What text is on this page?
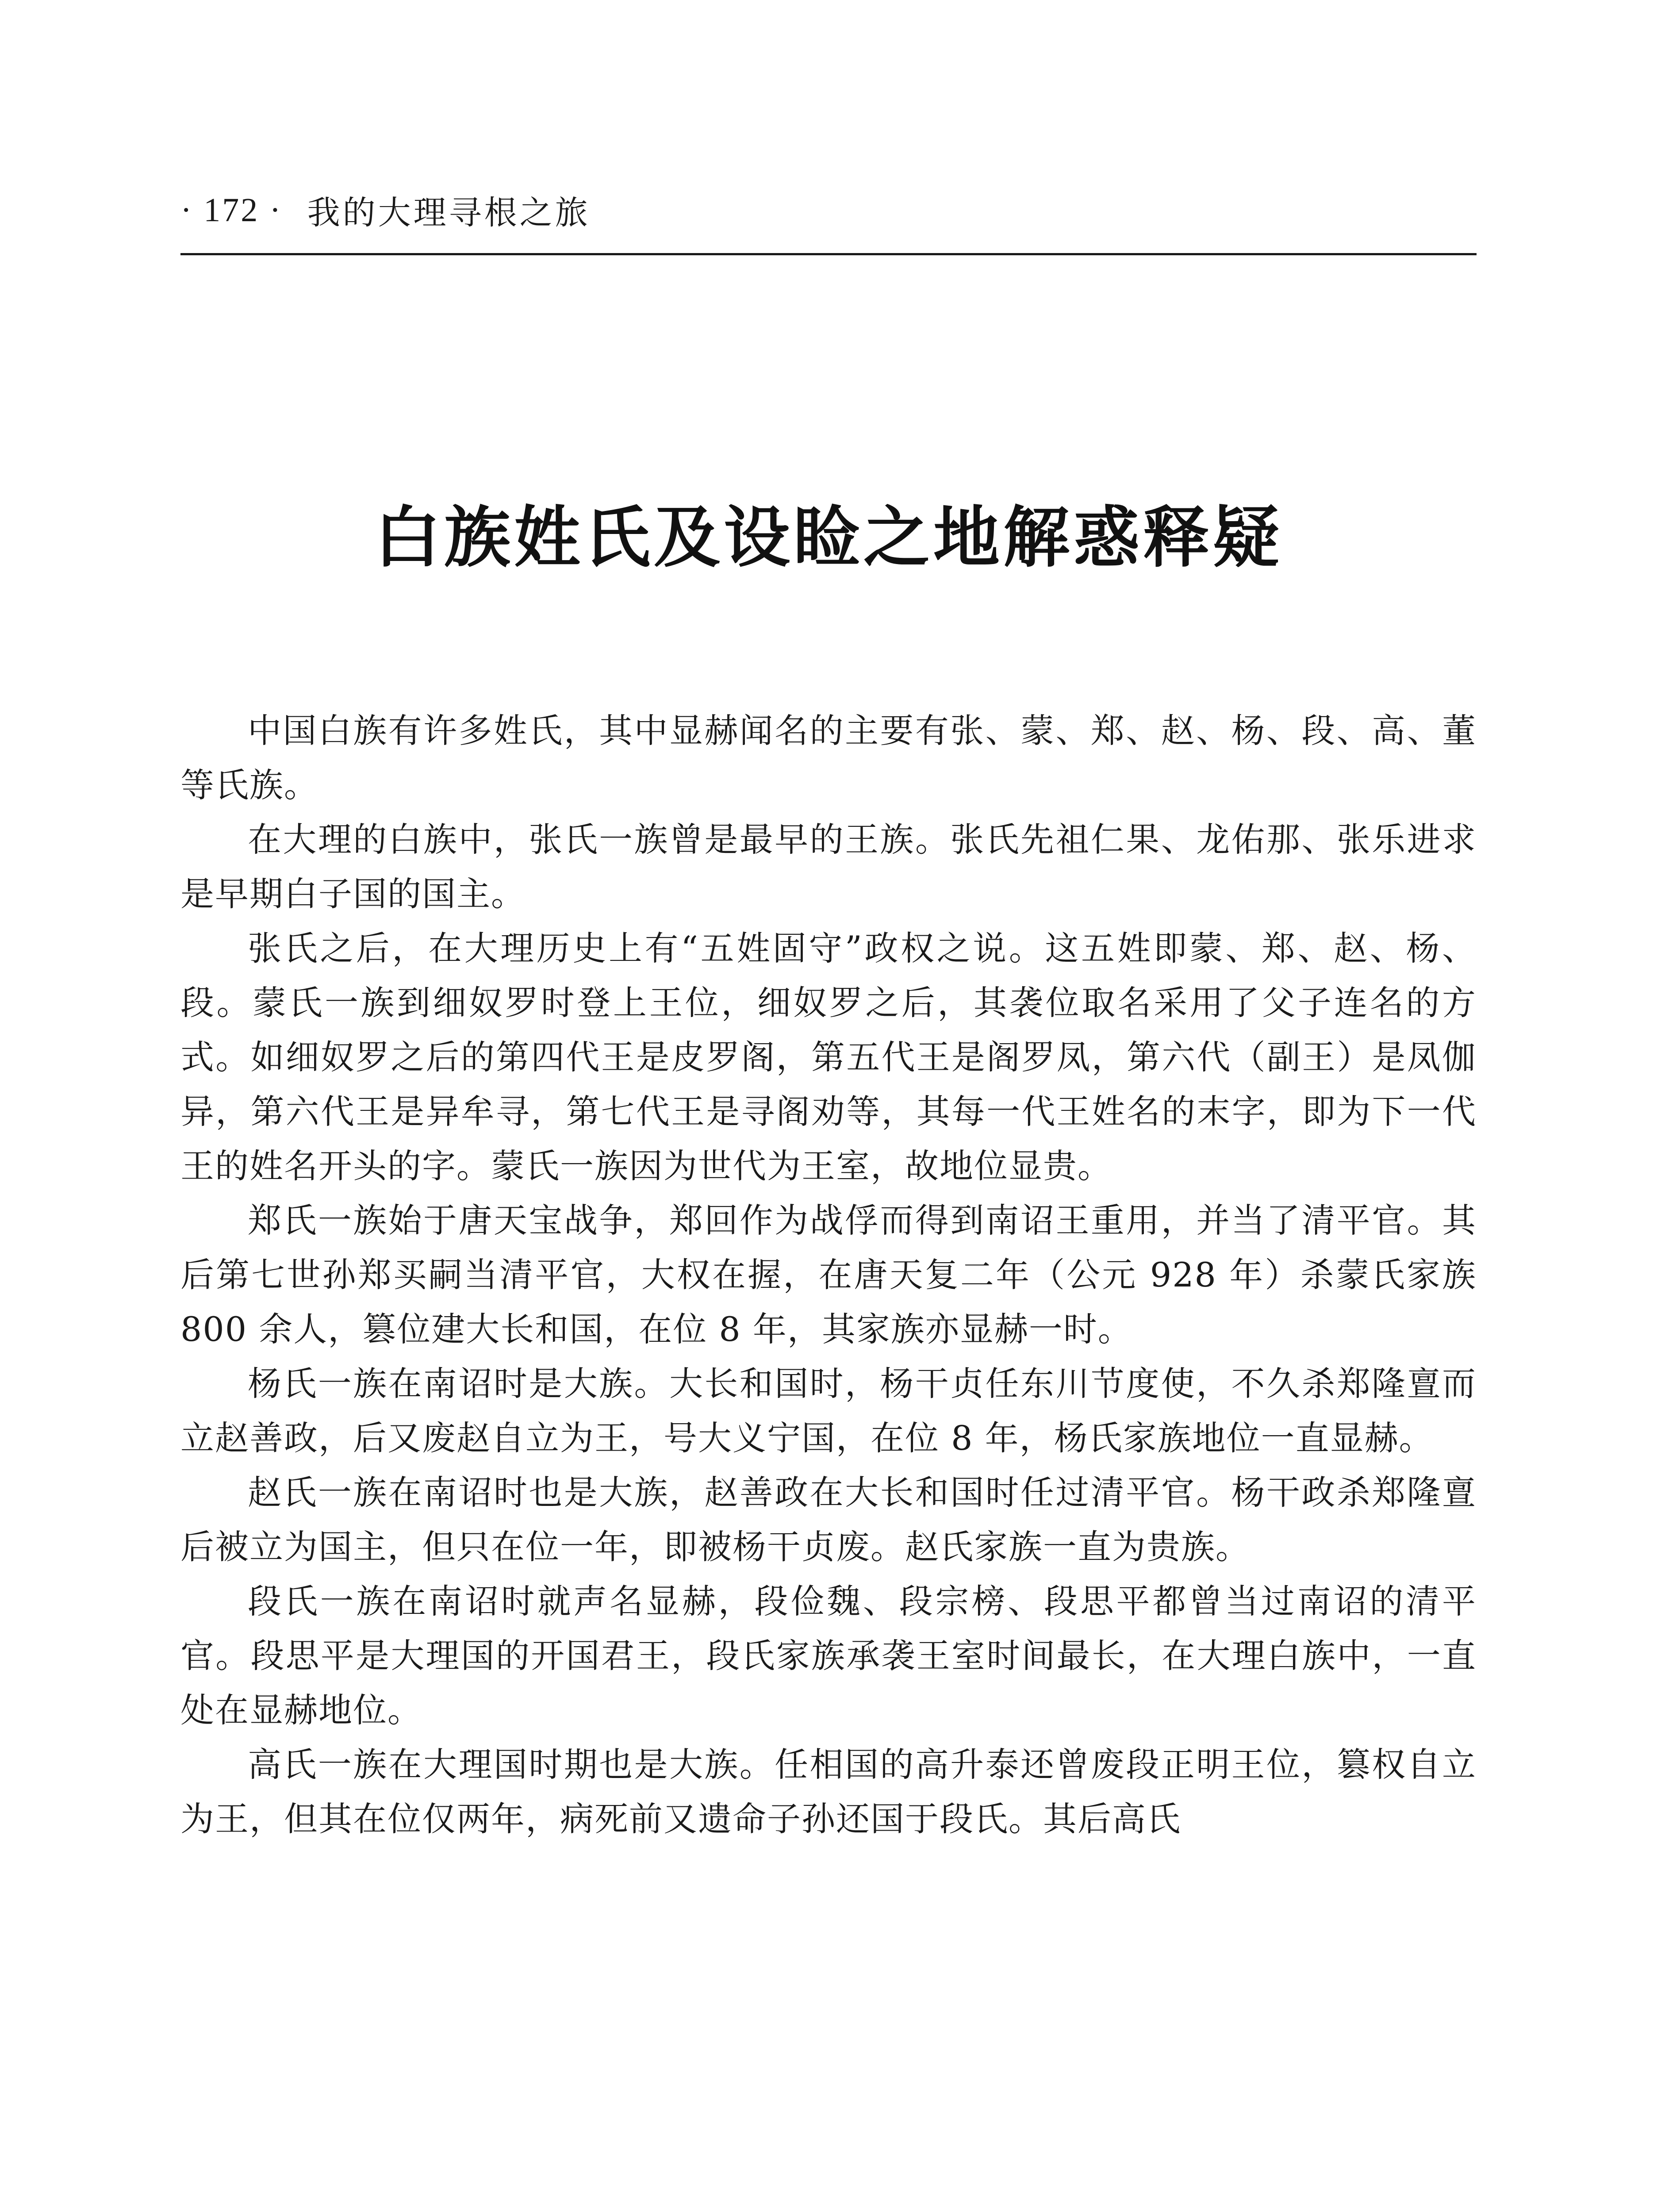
· 172 · 我的大理寻根之旅
白族姓氏及设睑之地解惑释疑

中国白族有许多姓氏，其中显赫闻名的主要有张、蒙、郑、赵、杨、段、高、董等氏族。

在大理的白族中，张氏一族曾是最早的王族。张氏先祖仁果、龙佑那、张乐进求是早期白子国的国主。

张氏之后，在大理历史上有“五姓固守”政权之说。这五姓即蒙、郑、赵、杨、段。蒙氏一族到细奴罗时登上王位，细奴罗之后，其袭位取名采用了父子连名的方式。如细奴罗之后的第四代王是皮罗阁，第五代王是阁罗凤，第六代（副王）是凤伽异，第六代王是异牟寻，第七代王是寻阁劝等，其每一代王姓名的末字，即为下一代王的姓名开头的字。蒙氏一族因为世代为王室，故地位显贵。

郑氏一族始于唐天宝战争，郑回作为战俘而得到南诏王重用，并当了清平官。其后第七世孙郑买嗣当清平官，大权在握，在唐天复二年（公元 928 年）杀蒙氏家族 800 余人，篡位建大长和国，在位 8 年，其家族亦显赫一时。

杨氏一族在南诏时是大族。大长和国时，杨干贞任东川节度使，不久杀郑隆亶而立赵善政，后又废赵自立为王，号大义宁国，在位 8 年，杨氏家族地位一直显赫。

赵氏一族在南诏时也是大族，赵善政在大长和国时任过清平官。杨干政杀郑隆亶后被立为国主，但只在位一年，即被杨干贞废。赵氏家族一直为贵族。

段氏一族在南诏时就声名显赫，段俭魏、段宗榜、段思平都曾当过南诏的清平官。段思平是大理国的开国君王，段氏家族承袭王室时间最长，在大理白族中，一直处在显赫地位。

高氏一族在大理国时期也是大族。任相国的高升泰还曾废段正明王位，篡权自立为王，但其在位仅两年，病死前又遗命子孙还国于段氏。其后高氏
